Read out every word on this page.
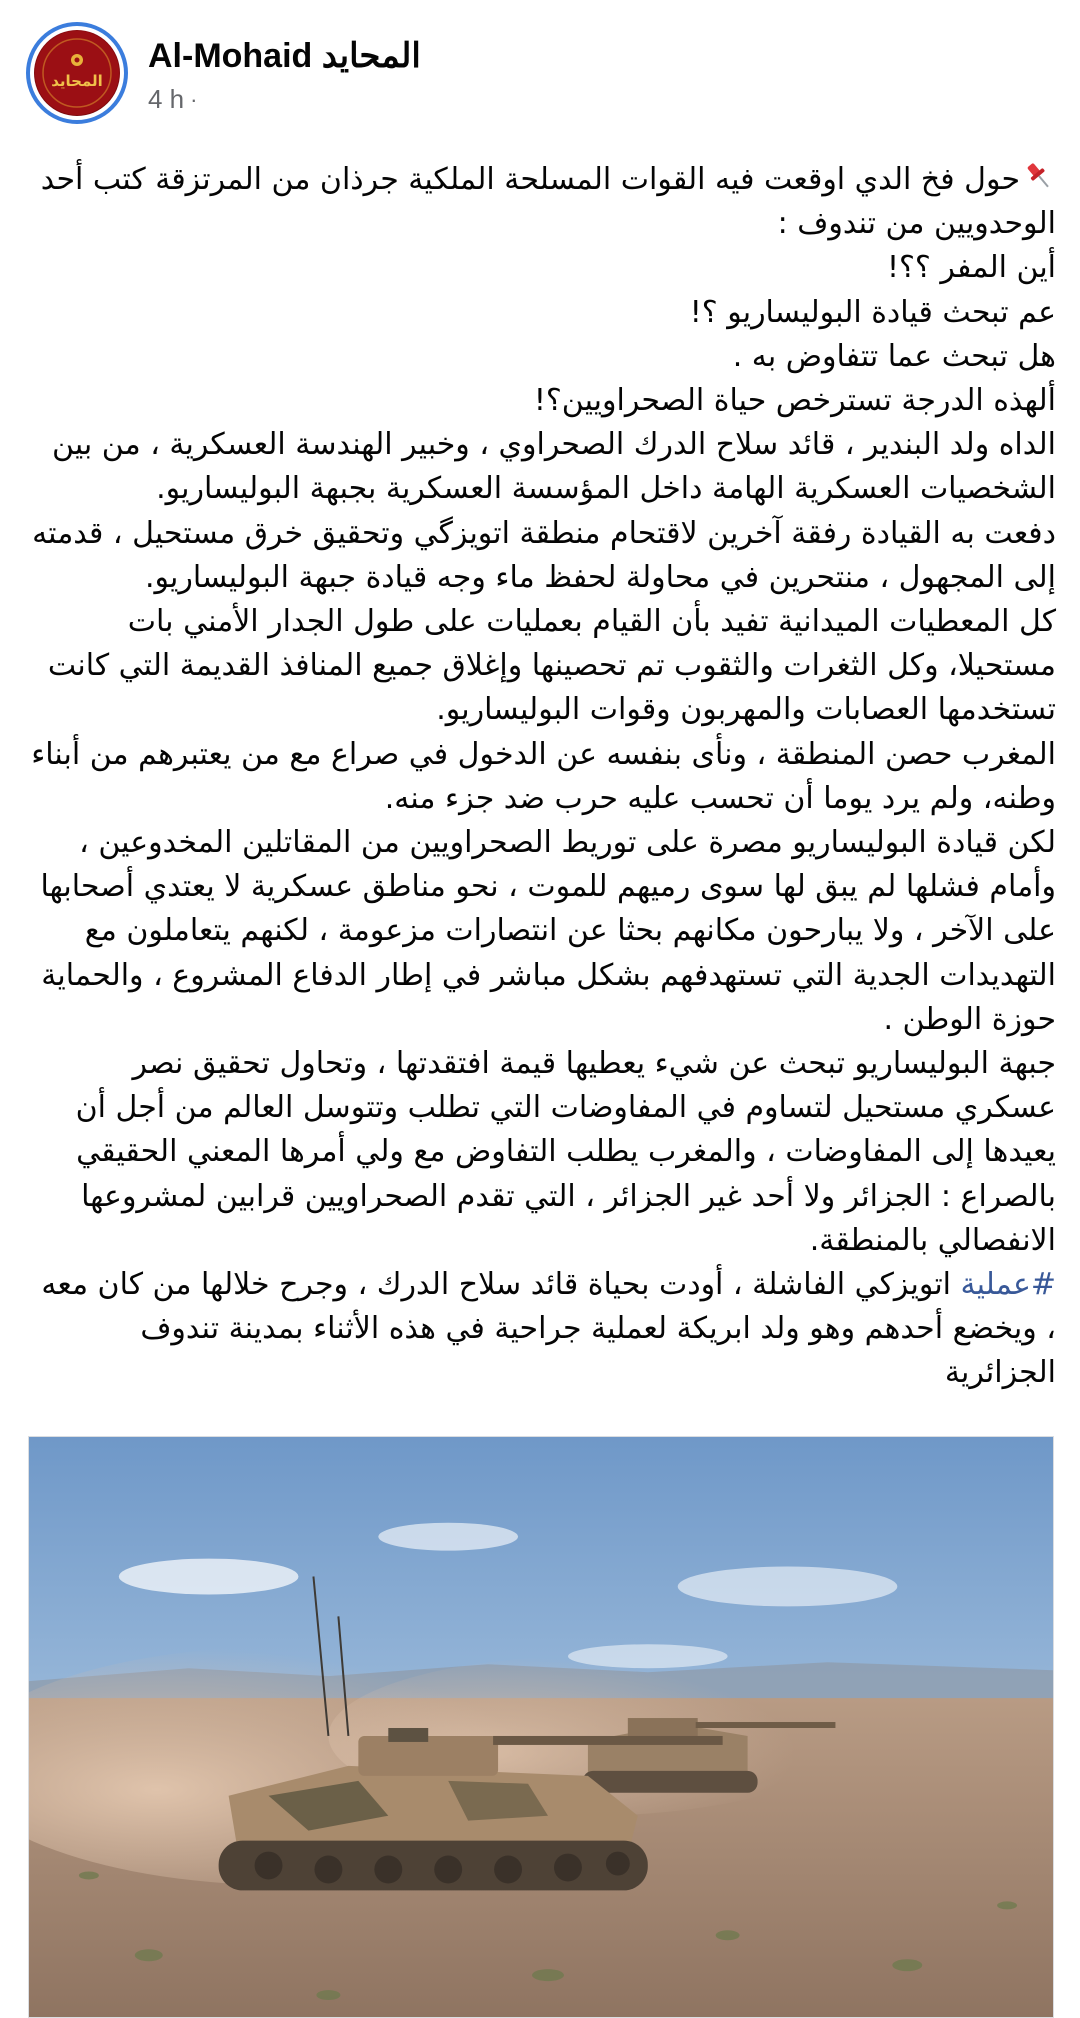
المحايد
Al-Mohaid المحايد
4 h ·

حول فخ الدي اوقعت فيه القوات المسلحة الملكية جرذان من المرتزقة كتب أحد الوحدويين من تندوف :

أين المفر ؟؟!

عم تبحث قيادة البوليساريو ؟!

هل تبحث عما تتفاوض به .

ألهذه الدرجة تسترخص حياة الصحراويين؟!

الداه ولد البندير ، قائد سلاح الدرك الصحراوي ، وخبير الهندسة العسكرية ، من بين الشخصيات العسكرية الهامة داخل المؤسسة العسكرية بجبهة البوليساريو.

دفعت به القيادة رفقة آخرين لاقتحام منطقة اتويزگي وتحقيق خرق مستحيل ، قدمته إلى المجهول ، منتحرين في محاولة لحفظ ماء وجه قيادة جبهة البوليساريو.

كل المعطيات الميدانية تفيد بأن القيام بعمليات على طول الجدار الأمني بات مستحيلا، وكل الثغرات والثقوب تم تحصينها وإغلاق جميع المنافذ القديمة التي كانت تستخدمها العصابات والمهربون وقوات البوليساريو.

المغرب حصن المنطقة ، ونأى بنفسه عن الدخول في صراع مع من يعتبرهم من أبناء وطنه، ولم يرد يوما أن تحسب عليه حرب ضد جزء منه.

لكن قيادة البوليساريو مصرة على توريط الصحراويين من المقاتلين المخدوعين ، وأمام فشلها لم يبق لها سوى رميهم للموت ، نحو مناطق عسكرية لا يعتدي أصحابها على الآخر ، ولا يبارحون مكانهم بحثا عن انتصارات مزعومة ، لكنهم يتعاملون مع التهديدات الجدية التي تستهدفهم بشكل مباشر في إطار الدفاع المشروع ، والحماية حوزة الوطن .

جبهة البوليساريو تبحث عن شيء يعطيها قيمة افتقدتها ، وتحاول تحقيق نصر عسكري مستحيل لتساوم في المفاوضات التي تطلب وتتوسل العالم من أجل أن يعيدها إلى المفاوضات ، والمغرب يطلب التفاوض مع ولي أمرها المعني الحقيقي بالصراع : الجزائر ولا أحد غير الجزائر ، التي تقدم الصحراويين قرابين لمشروعها الانفصالي بالمنطقة.

#عملية اتويزكي الفاشلة ، أودت بحياة قائد سلاح الدرك ، وجرح خلالها من كان معه ، ويخضع أحدهم وهو ولد ابريكة لعملية جراحية في هذه الأثناء بمدينة تندوف الجزائرية
